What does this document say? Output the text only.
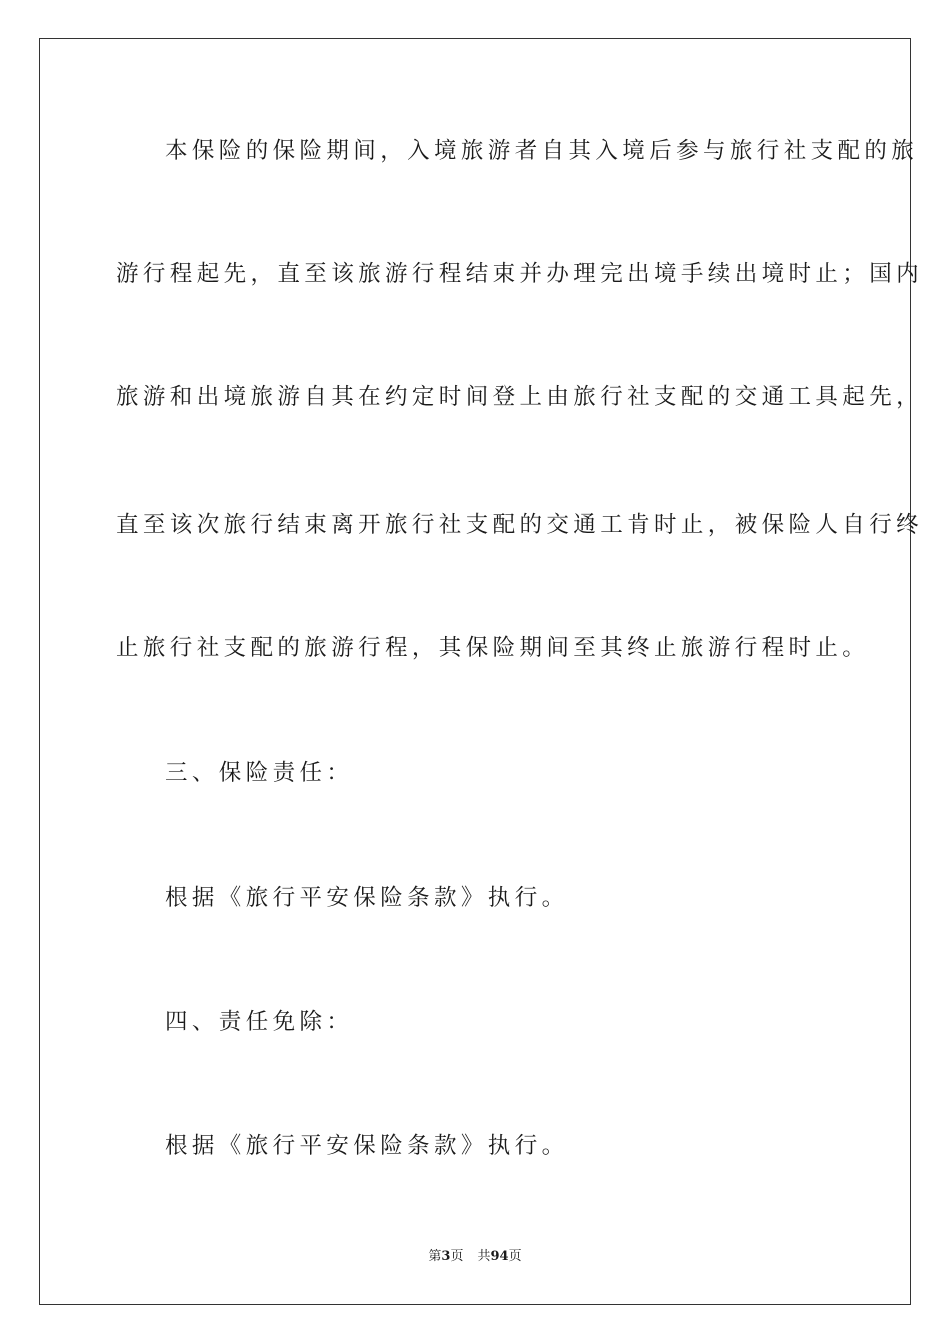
本保险的保险期间，入境旅游者自其入境后参与旅行社支配的旅
游行程起先，直至该旅游行程结束并办理完出境手续出境时止；国内
旅游和出境旅游自其在约定时间登上由旅行社支配的交通工具起先，
直至该次旅行结束离开旅行社支配的交通工肯时止，被保险人自行终
止旅行社支配的旅游行程，其保险期间至其终止旅游行程时止。
三、保险责任：
根据《旅行平安保险条款》执行。
四、责任免除：
根据《旅行平安保险条款》执行。
第3页 共94页
